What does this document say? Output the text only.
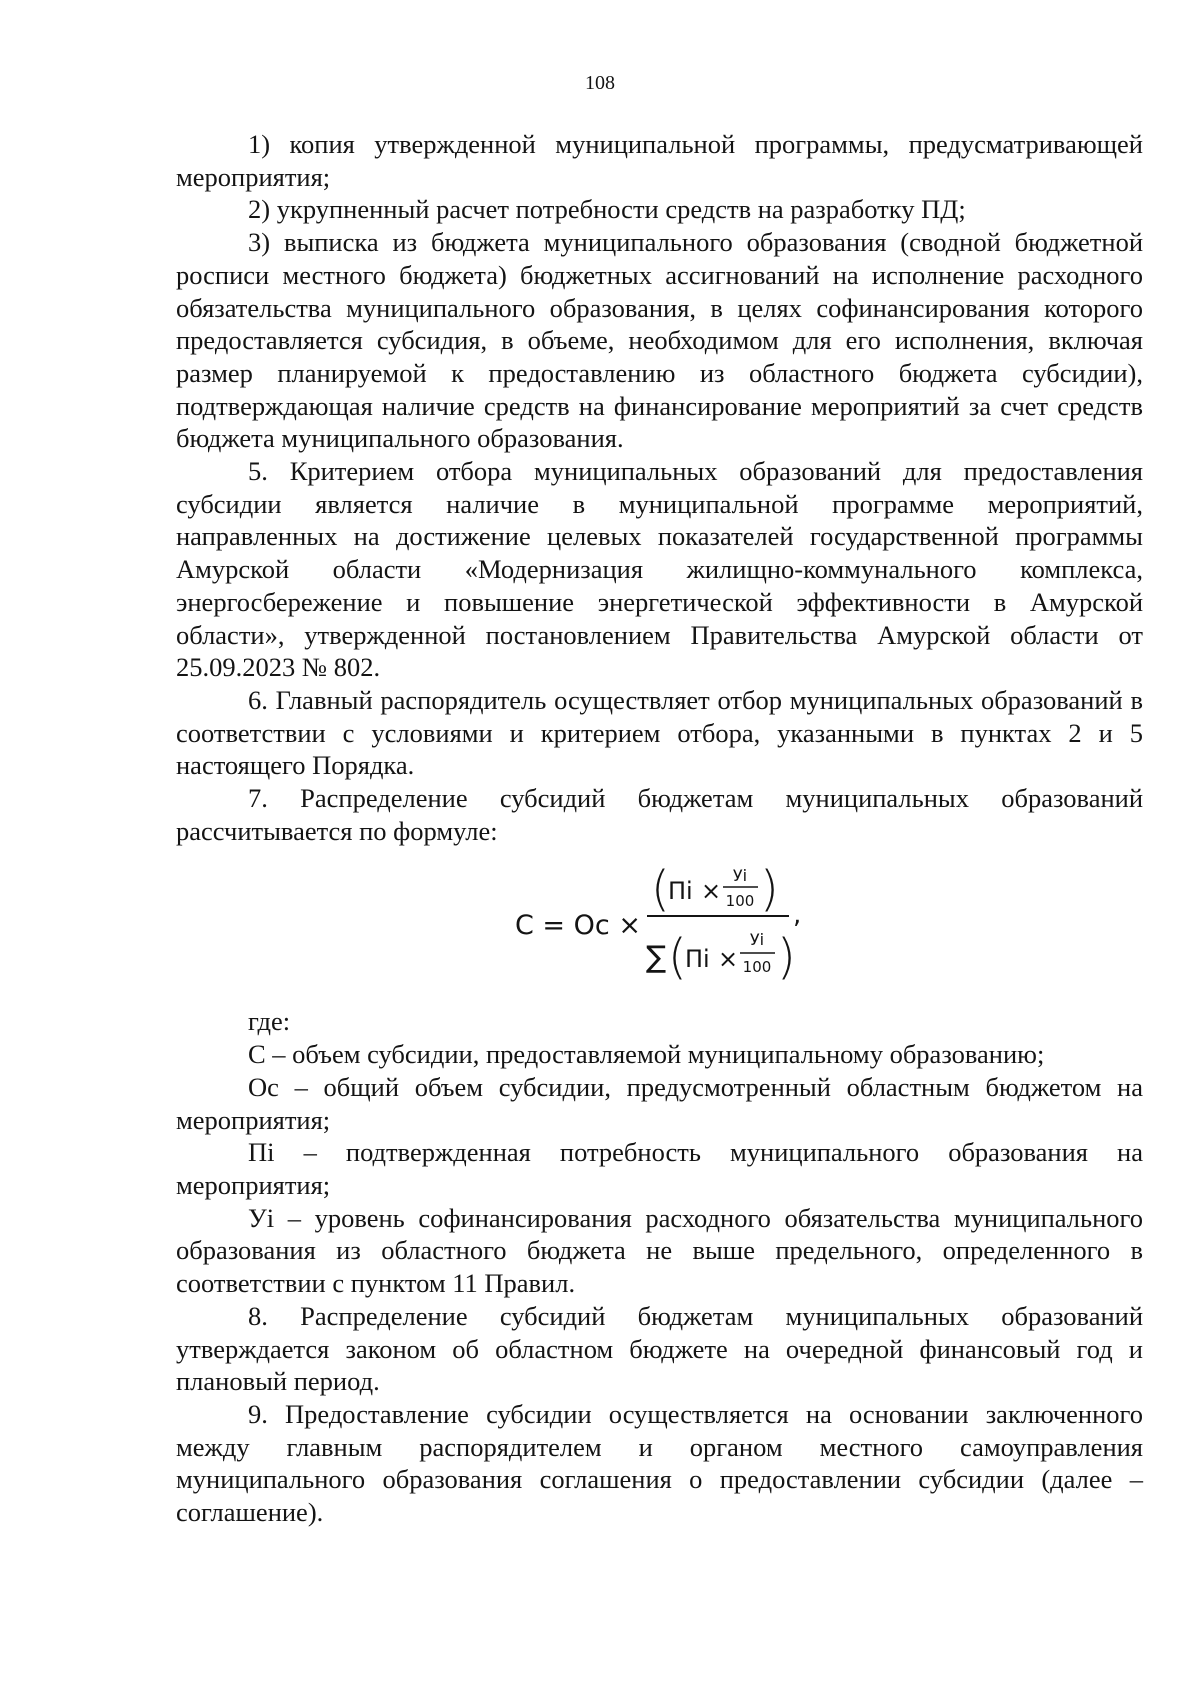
108

1) копия утвержденной муниципальной программы, предусматривающей мероприятия;

2) укрупненный расчет потребности средств на разработку ПД;

3) выписка из бюджета муниципального образования (сводной бюджетной росписи местного бюджета) бюджетных ассигнований на исполнение расходного обязательства муниципального образования, в целях софинансирования которого предоставляется субсидия, в объеме, необходимом для его исполнения, включая размер планируемой к предоставлению из областного бюджета субсидии), подтверждающая наличие средств на финансирование мероприятий за счет средств бюджета муниципального образования.

5. Критерием отбора муниципальных образований для предоставления субсидии является наличие в муниципальной программе мероприятий, направленных на достижение целевых показателей государственной программы Амурской области «Модернизация жилищно-коммунального комплекса, энергосбережение и повышение энергетической эффективности в Амурской области», утвержденной постановлением Правительства Амурской области от 25.09.2023 № 802.

6. Главный распорядитель осуществляет отбор муниципальных образований в соответствии с условиями и критерием отбора, указанными в пунктах 2 и 5 настоящего Порядка.

7. Распределение субсидий бюджетам муниципальных образований рассчитывается по формуле:

C = Oc ×
(
Пi ×
Уi
100 )
∑ (
Пi ×
Уi
100 )
,

где:

С – объем субсидии, предоставляемой муниципальному образованию;

Ос – общий объем субсидии, предусмотренный областным бюджетом на мероприятия;

Пi – подтвержденная потребность муниципального образования на мероприятия;

Уi – уровень софинансирования расходного обязательства муниципального образования из областного бюджета не выше предельного, определенного в соответствии с пунктом 11 Правил.

8. Распределение субсидий бюджетам муниципальных образований утверждается законом об областном бюджете на очередной финансовый год и плановый период.

9. Предоставление субсидии осуществляется на основании заключенного между главным распорядителем и органом местного самоуправления муниципального образования соглашения о предоставлении субсидии (далее – соглашение).
